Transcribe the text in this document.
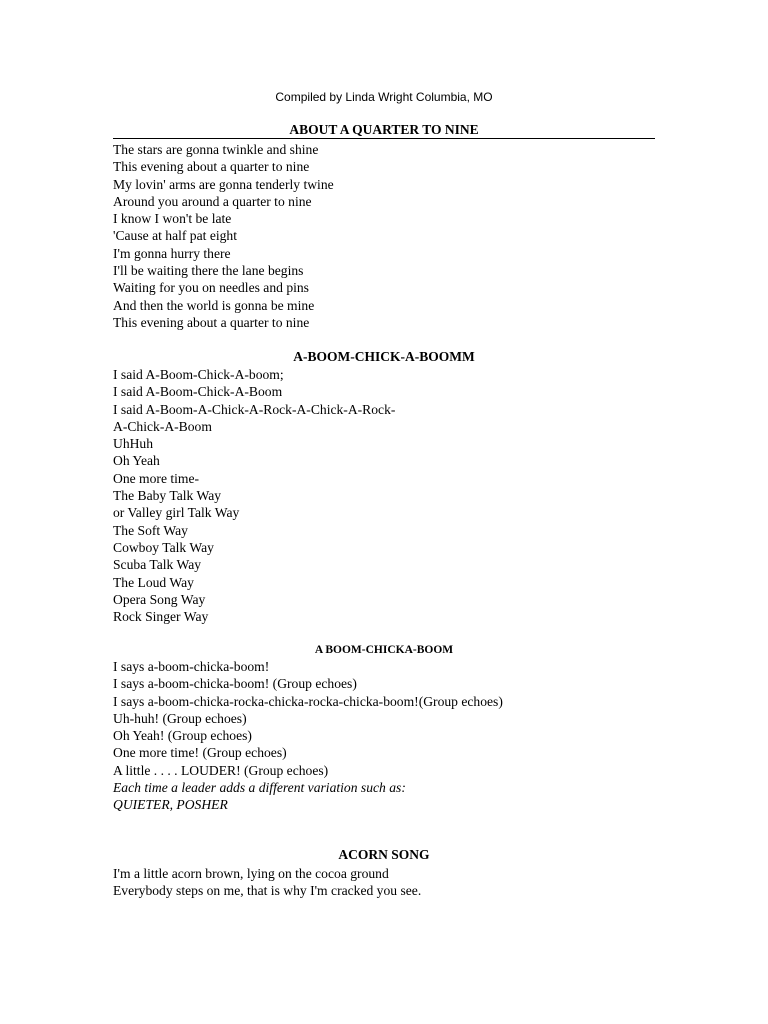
Compiled by Linda Wright Columbia, MO
ABOUT A QUARTER TO NINE
The stars are gonna twinkle and shine
This evening about a quarter to nine
My lovin' arms are gonna tenderly twine
Around you around a quarter to nine
I know I won't be late
'Cause at half pat eight
I'm gonna hurry there
I'll be waiting there the lane begins
Waiting for you on needles and pins
And then the world is gonna be mine
This evening about a quarter to nine
A-BOOM-CHICK-A-BOOMM
I said A-Boom-Chick-A-boom;
I said A-Boom-Chick-A-Boom
I said A-Boom-A-Chick-A-Rock-A-Chick-A-Rock-
A-Chick-A-Boom
UhHuh
Oh Yeah
One more time-
The Baby Talk Way
or Valley girl Talk Way
The Soft Way
Cowboy Talk Way
Scuba Talk Way
The Loud Way
Opera Song Way
Rock Singer Way
A BOOM-CHICKA-BOOM
I says a-boom-chicka-boom!
I says a-boom-chicka-boom! (Group echoes)
I says a-boom-chicka-rocka-chicka-rocka-chicka-boom!(Group echoes)
Uh-huh! (Group echoes)
Oh Yeah! (Group echoes)
One more time! (Group echoes)
A little . . . . LOUDER! (Group echoes)
Each time a leader adds a different variation such as:
QUIETER, POSHER
ACORN SONG
I'm a little acorn brown, lying on the cocoa ground
Everybody steps on me, that is why I'm cracked you see.
